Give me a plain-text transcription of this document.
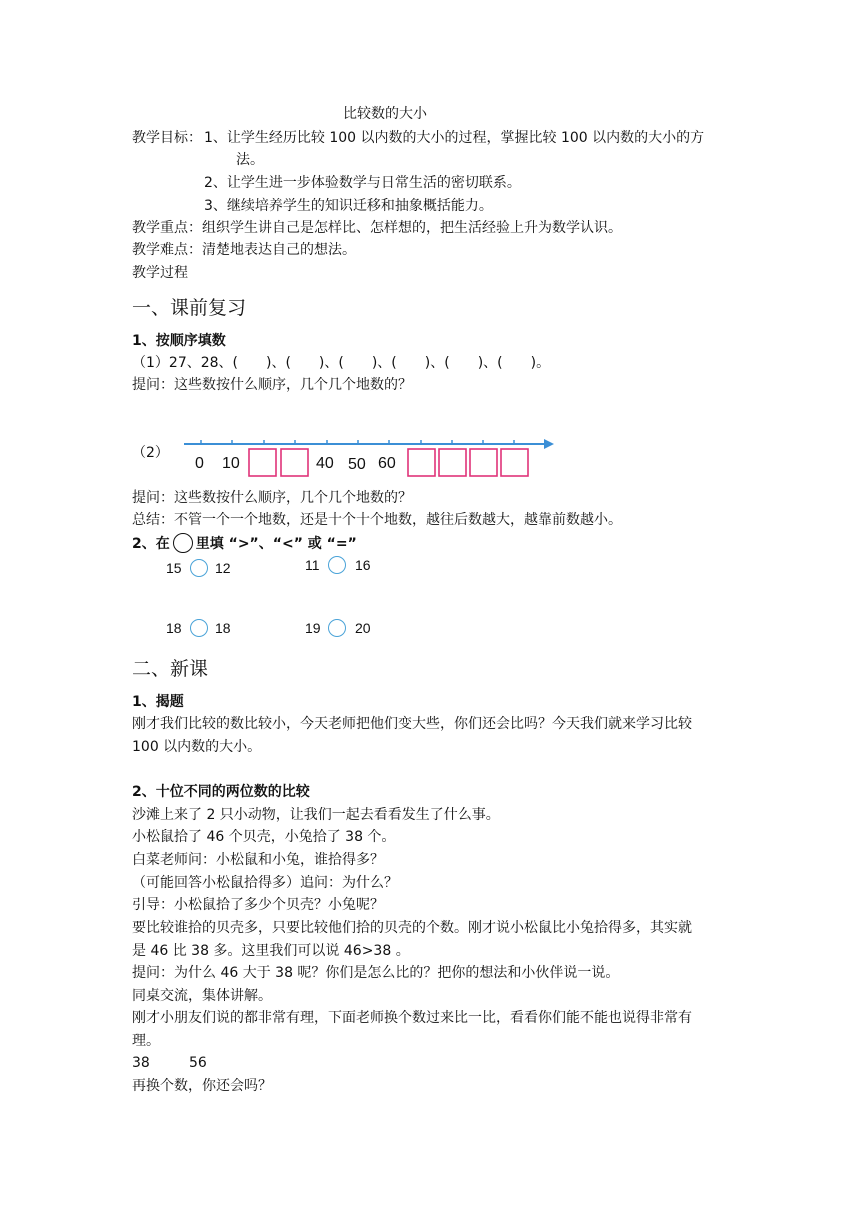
比较数的大小
教学目标： 1、让学生经历比较 100 以内数的大小的过程，掌握比较 100 以内数的大小的方
法。
2、让学生进一步体验数学与日常生活的密切联系。
3、继续培养学生的知识迁移和抽象概括能力。
教学重点：组织学生讲自己是怎样比、怎样想的，把生活经验上升为数学认识。
教学难点：清楚地表达自己的想法。
教学过程
一、课前复习
1、按顺序填数
（1）27、28、(　　)、(　　)、(　　)、(　　)、(　　)、(　　)。
提问：这些数按什么顺序，几个几个地数的？
（2）
0 10	40 50 60
提问：这些数按什么顺序，几个几个地数的？
总结：不管一个一个地数，还是十个十个地数，越往后数越大，越靠前数越小。
2、在 里填 “>”、“<” 或 “=”
15 12	11	16
18 18	19 20
二、新课
1、揭题
刚才我们比较的数比较小，今天老师把他们变大些，你们还会比吗？今天我们就来学习比较
100 以内数的大小。
2、十位不同的两位数的比较
沙滩上来了 2 只小动物，让我们一起去看看发生了什么事。
小松鼠拾了 46 个贝壳，小兔拾了 38 个。
白菜老师问：小松鼠和小兔，谁拾得多？
（可能回答小松鼠拾得多）追问：为什么？
引导：小松鼠拾了多少个贝壳？小兔呢？
要比较谁拾的贝壳多，只要比较他们拾的贝壳的个数。刚才说小松鼠比小兔拾得多，其实就
是 46 比 38 多。这里我们可以说 46>38 。
提问：为什么 46 大于 38 呢？你们是怎么比的？把你的想法和小伙伴说一说。
同桌交流，集体讲解。
刚才小朋友们说的都非常有理，下面老师换个数过来比一比，看看你们能不能也说得非常有
理。
38	56
再换个数，你还会吗？
